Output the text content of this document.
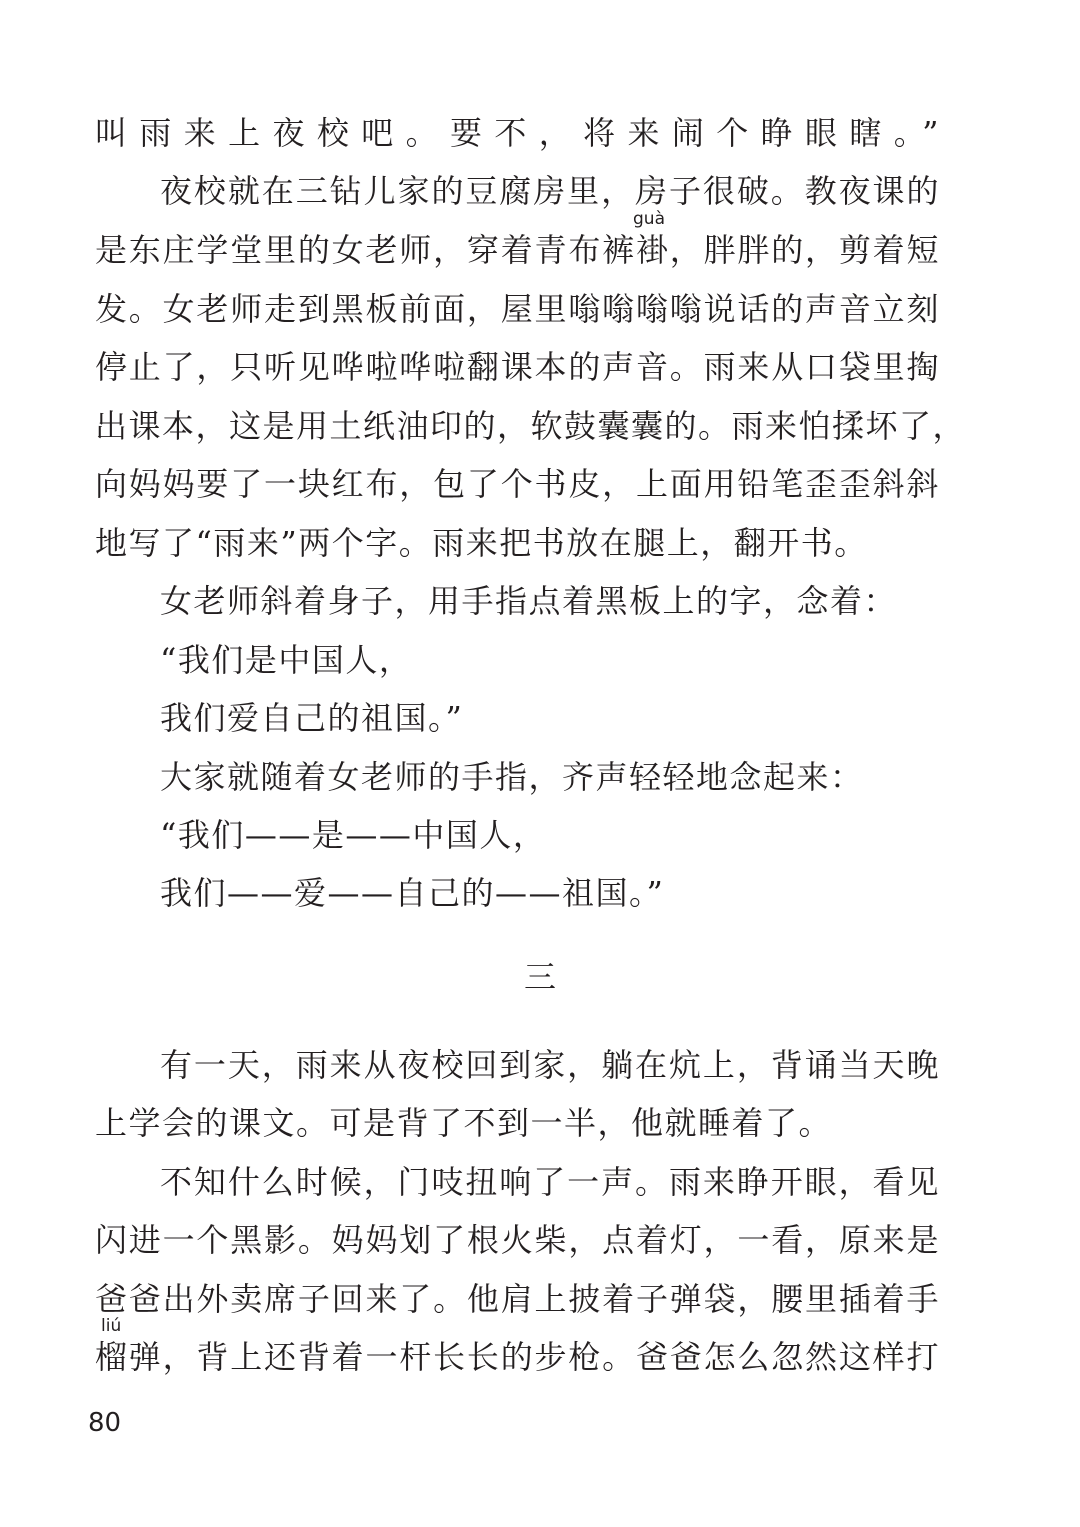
叫雨来上夜校吧。要不，将来闹个睁眼瞎。”
夜校就在三钻儿家的豆腐房里，房子很破。教夜课的
guà
是东庄学堂里的女老师，穿着青布裤褂，胖胖的，剪着短
发。女老师走到黑板前面，屋里嗡嗡嗡嗡说话的声音立刻
停止了，只听见哗啦哗啦翻课本的声音。雨来从口袋里掏
出课本，这是用土纸油印的，软鼓囊囊的。雨来怕揉坏了，
向妈妈要了一块红布，包了个书皮，上面用铅笔歪歪斜斜
地写了“雨来”两个字。雨来把书放在腿上，翻开书。
女老师斜着身子，用手指点着黑板上的字，念着：
“我们是中国人，
我们爱自己的祖国。”
大家就随着女老师的手指，齐声轻轻地念起来：
“我们——是——中国人，
我们——爱——自己的——祖国。”
三
有一天，雨来从夜校回到家，躺在炕上，背诵当天晚
上学会的课文。可是背了不到一半，他就睡着了。
不知什么时候，门吱扭响了一声。雨来睁开眼，看见
闪进一个黑影。妈妈划了根火柴，点着灯，一看，原来是
爸爸出外卖席子回来了。他肩上披着子弹袋，腰里插着手
liú
榴弹，背上还背着一杆长长的步枪。爸爸怎么忽然这样打
80
